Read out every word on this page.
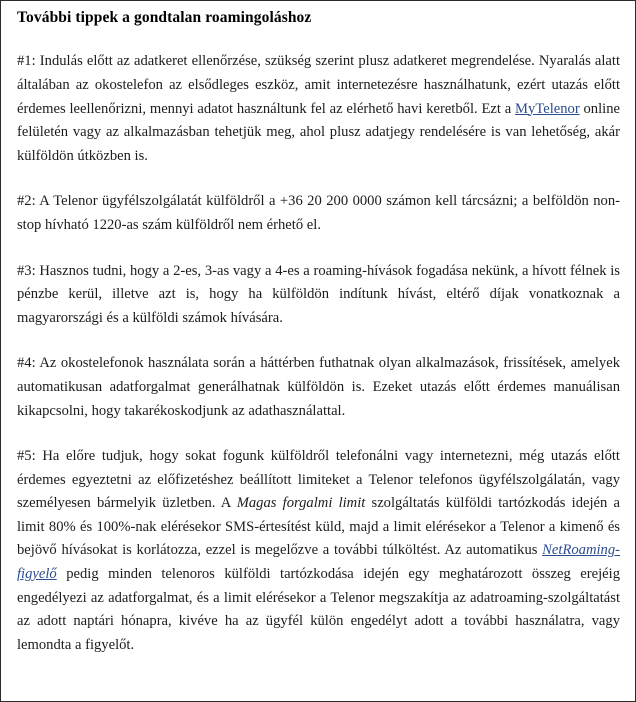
További tippek a gondtalan roamingoláshoz

#1: Indulás előtt az adatkeret ellenőrzése, szükség szerint plusz adatkeret megrendelése. Nyaralás alatt általában az okostelefon az elsődleges eszköz, amit internetezésre használhatunk, ezért utazás előtt érdemes leellenőrizni, mennyi adatot használtunk fel az elérhető havi keretből. Ezt a MyTelenor online felületén vagy az alkalmazásban tehetjük meg, ahol plusz adatjegy rendelésére is van lehetőség, akár külföldön útközben is.

#2: A Telenor ügyfélszolgálatát külföldről a +36 20 200 0000 számon kell tárcsázni; a belföldön non-stop hívható 1220-as szám külföldről nem érhető el.

#3: Hasznos tudni, hogy a 2-es, 3-as vagy a 4-es a roaming-hívások fogadása nekünk, a hívott félnek is pénzbe kerül, illetve azt is, hogy ha külföldön indítunk hívást, eltérő díjak vonatkoznak a magyarországi és a külföldi számok hívására.

#4: Az okostelefonok használata során a háttérben futhatnak olyan alkalmazások, frissítések, amelyek automatikusan adatforgalmat generálhatnak külföldön is. Ezeket utazás előtt érdemes manuálisan kikapcsolni, hogy takarékoskodjunk az adathasználattal.

#5: Ha előre tudjuk, hogy sokat fogunk külföldről telefonálni vagy internetezni, még utazás előtt érdemes egyeztetni az előfizetéshez beállított limiteket a Telenor telefonos ügyfélszolgálatán, vagy személyesen bármelyik üzletben. A Magas forgalmi limit szolgáltatás külföldi tartózkodás idején a limit 80% és 100%-nak elérésekor SMS-értesítést küld, majd a limit elérésekor a Telenor a kimenő és bejövő hívásokat is korlátozza, ezzel is megelőzve a további túlköltést. Az automatikus NetRoaming-figyelő pedig minden telenoros külföldi tartózkodása idején egy meghatározott összeg erejéig engedélyezi az adatforgalmat, és a limit elérésekor a Telenor megszakítja az adatroaming-szolgáltatást az adott naptári hónapra, kivéve ha az ügyfél külön engedélyt adott a további használatra, vagy lemondta a figyelőt.
